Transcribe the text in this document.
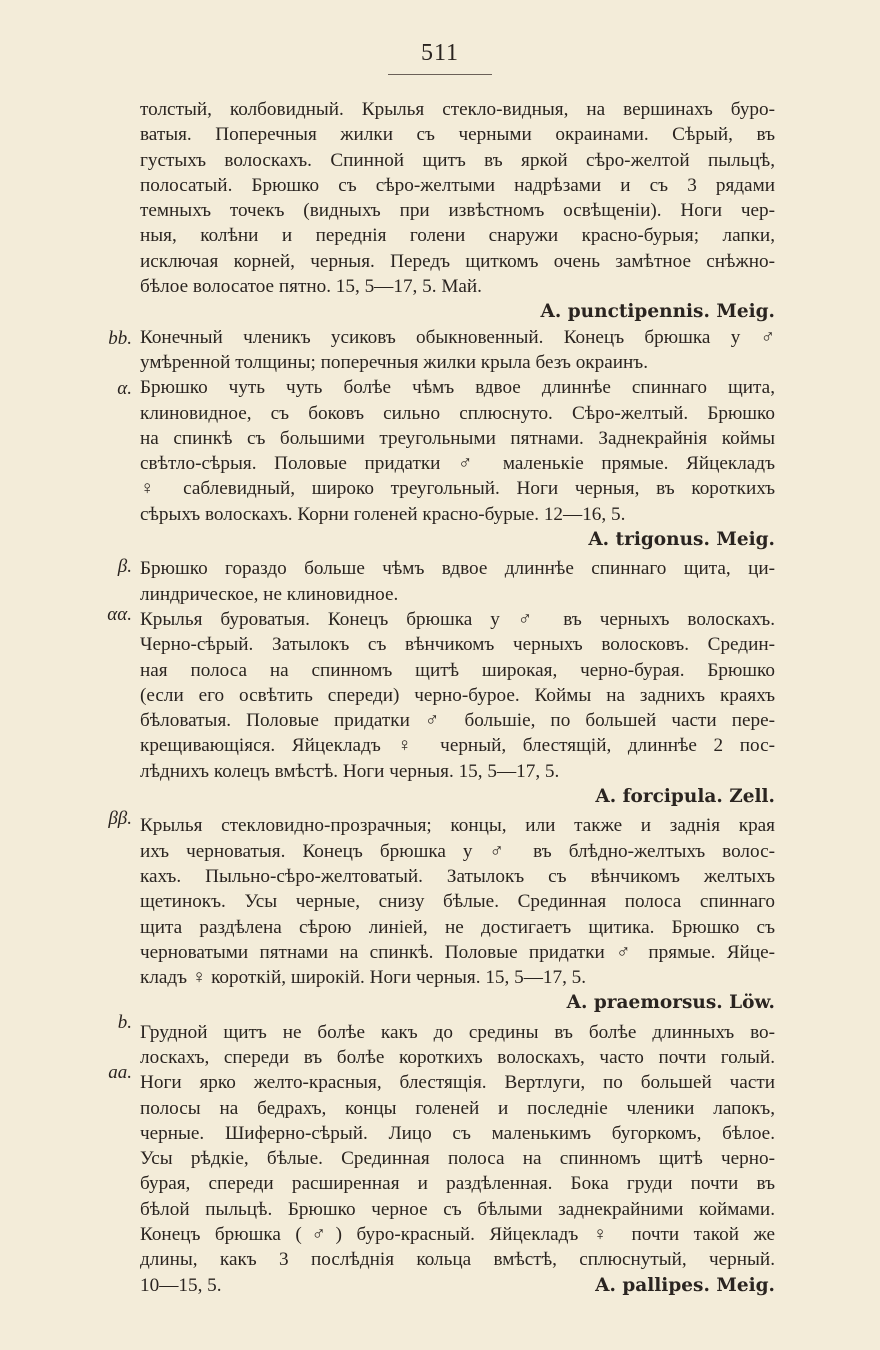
511
bb.
α.
β.
αα.
ββ.
b.
aa.
толстый, колбовидный. Крылья стекло-видныя, на вершинахъ буро-
ватыя. Поперечныя жилки съ черными окраинами. Сѣрый, въ
густыхъ волоскахъ. Спинной щитъ въ яркой сѣро-желтой пыльцѣ,
полосатый. Брюшко съ сѣро-желтыми надрѣзами и съ 3 рядами
темныхъ точекъ (видныхъ при извѣстномъ освѣщеніи). Ноги чер-
ныя, колѣни и переднія голени снаружи красно-бурыя; лапки,
исключая корней, черныя. Передъ щиткомъ очень замѣтное снѣжно-
бѣлое волосатое пятно. 15, 5—17, 5. Май.
A. punctipennis. Meig.
Конечный членикъ усиковъ обыкновенный. Конецъ брюшка у ♂
умѣренной толщины; поперечныя жилки крыла безъ окраинъ.
Брюшко чуть чуть болѣе чѣмъ вдвое длиннѣе спиннаго щита,
клиновидное, съ боковъ сильно сплюснуто. Сѣро-желтый. Брюшко
на спинкѣ съ большими треугольными пятнами. Заднекрайнія коймы
свѣтло-сѣрыя. Половые придатки ♂ маленькіе прямые. Яйцекладъ
♀ саблевидный, широко треугольный. Ноги черныя, въ короткихъ
сѣрыхъ волоскахъ. Корни голеней красно-бурые. 12—16, 5.
A. trigonus. Meig.
Брюшко гораздо больше чѣмъ вдвое длиннѣе спиннаго щита, ци-
линдрическое, не клиновидное.
Крылья буроватыя. Конецъ брюшка у ♂ въ черныхъ волоскахъ.
Черно-сѣрый. Затылокъ съ вѣнчикомъ черныхъ волосковъ. Средин-
ная полоса на спинномъ щитѣ широкая, черно-бурая. Брюшко
(если его освѣтить спереди) черно-бурое. Коймы на заднихъ краяхъ
бѣловатыя. Половые придатки ♂ большіе, по большей части пере-
крещивающіяся. Яйцекладъ ♀ черный, блестящій, длиннѣе 2 пос-
лѣднихъ колецъ вмѣстѣ. Ноги черныя. 15, 5—17, 5.
A. forcipula. Zell.
Крылья стекловидно-прозрачныя; концы, или также и заднія края
ихъ черноватыя. Конецъ брюшка у ♂ въ блѣдно-желтыхъ волос-
кахъ. Пыльно-сѣро-желтоватый. Затылокъ съ вѣнчикомъ желтыхъ
щетинокъ. Усы черные, снизу бѣлые. Срединная полоса спиннаго
щита раздѣлена сѣрою линіей, не достигаетъ щитика. Брюшко съ
черноватыми пятнами на спинкѣ. Половые придатки ♂ прямые. Яйце-
кладъ ♀ короткій, широкій. Ноги черныя. 15, 5—17, 5.
A. praemorsus. Löw.
Грудной щитъ не болѣе какъ до средины въ болѣе длинныхъ во-
лоскахъ, спереди въ болѣе короткихъ волоскахъ, часто почти голый.
Ноги ярко желто-красныя, блестящія. Вертлуги, по большей части
полосы на бедрахъ, концы голеней и последніе членики лапокъ,
черные. Шиферно-сѣрый. Лицо съ маленькимъ бугоркомъ, бѣлое.
Усы рѣдкіе, бѣлые. Срединная полоса на спинномъ щитѣ черно-
бурая, спереди расширенная и раздѣленная. Бока груди почти въ
бѣлой пыльцѣ. Брюшко черное съ бѣлыми заднекрайними коймами.
Конецъ брюшка (♂) буро-красный. Яйцекладъ ♀ почти такой же
длины, какъ 3 послѣднія кольца вмѣстѣ, сплюснутый, черный.
10—15, 5.	A. pallipes. Meig.
